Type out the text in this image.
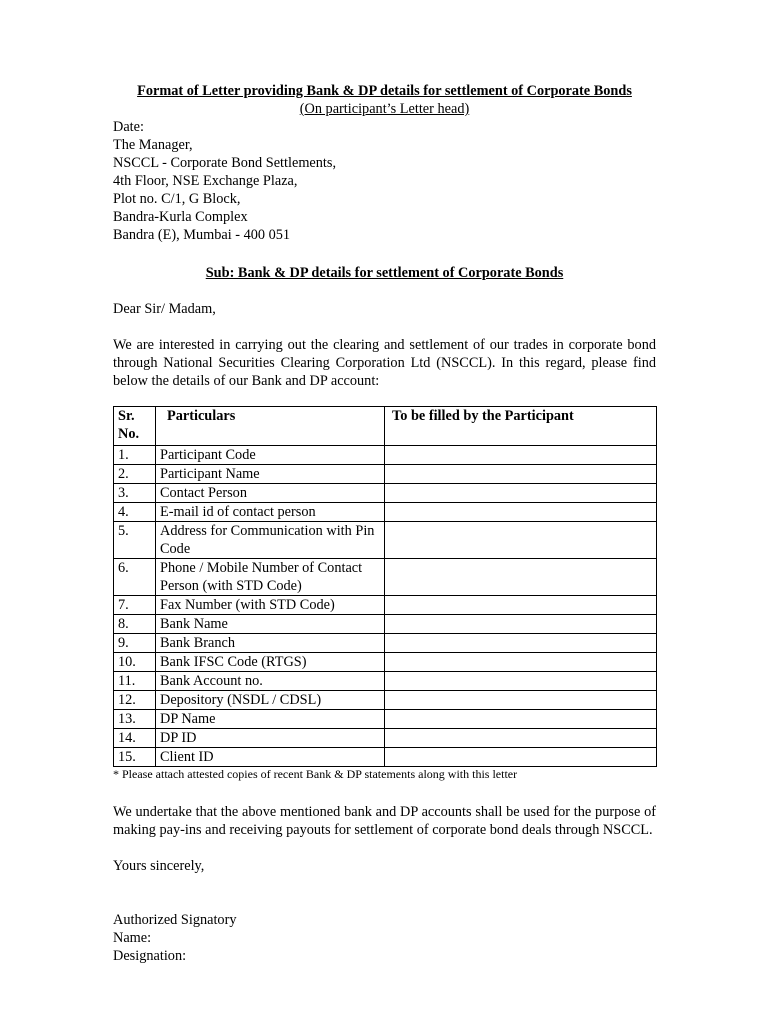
Format of Letter providing Bank & DP details for settlement of Corporate Bonds

(On participant’s Letter head)

Date:

The Manager,

NSCCL - Corporate Bond Settlements,

4th Floor, NSE Exchange Plaza,

Plot no. C/1, G Block,

Bandra-Kurla Complex

Bandra (E), Mumbai - 400 051

Sub: Bank & DP details for settlement of Corporate Bonds

Dear Sir/ Madam,

We are interested in carrying out the clearing and settlement of our trades in corporate bond through National Securities Clearing Corporation Ltd (NSCCL). In this regard, please find below the details of our Bank and DP account:

Sr.
No.	Particulars	To be filled by the Participant
1.	Participant Code	
2.	Participant Name	
3.	Contact Person	
4.	E-mail id of contact person	
5.	Address for Communication with Pin Code	
6.	Phone / Mobile Number of Contact Person (with STD Code)	
7.	Fax Number (with STD Code)	
8.	Bank Name	
9.	Bank Branch	
10.	Bank IFSC Code (RTGS)	
11.	Bank Account no.	
12.	Depository (NSDL / CDSL)	
13.	DP Name	
14.	DP ID	
15.	Client ID	

* Please attach attested copies of recent Bank & DP statements along with this letter

We undertake that the above mentioned bank and DP accounts shall be used for the purpose of making pay-ins and receiving payouts for settlement of corporate bond deals through NSCCL.

Yours sincerely,

Authorized Signatory

Name:

Designation:
